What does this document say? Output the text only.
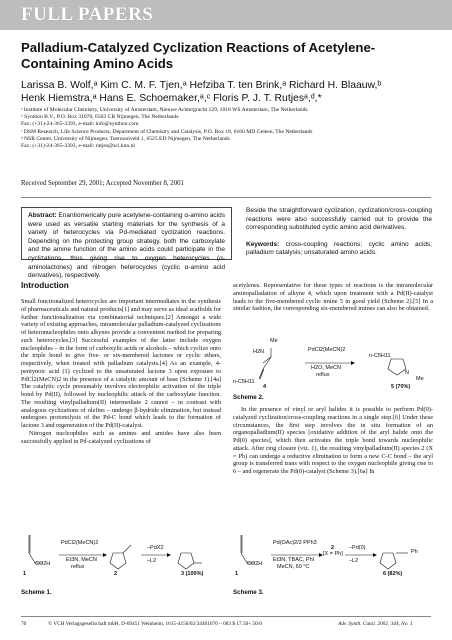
FULL PAPERS
Palladium-Catalyzed Cyclization Reactions of Acetylene-Containing Amino Acids
Larissa B. Wolf,ᵃ Kim C. M. F. Tjen,ᵃ Hefziba T. ten Brink,ᵃ Richard H. Blaauw,ᵇ
Henk Hiemstra,ᵃ Hans E. Schoemaker,ᵃ,ᶜ Floris P. J. T. Rutjesᵃ,ᵈ,*
ᵃ Institute of Molecular Chemistry, University of Amsterdam, Nieuwe Achtergracht 129, 1018 WS Amsterdam, The Netherlands
ᵇ Synthon B.V., P.O. Box 31070, 6503 CB Nijmegen, The Netherlands
Fax: (+31)-24-365-3393, e-mail: info@synthon.com
ᶜ DSM Research, Life Science Products, Department of Chemistry and Catalysis, P.O. Box 18, 6160 MD Geleen, The Netherlands
ᵈ NSR Center, University of Nijmegen, Toernooiveld 1, 6525 ED Nijmegen, The Netherlands
Fax: (+31)-24-365-3393, e-mail: rutjes@sci.kun.nl
Received September 29, 2001; Accepted November 8, 2001
Abstract: Enantiomerically pure acetylene-containing α-amino acids were used as versatile starting materials for the synthesis of a variety of heterocycles via Pd-mediated cyclization reactions. Depending on the protecting group strategy, both the carboxylate and the amine function of the amino acids could participate in the cyclizations, thus giving rise to oxygen heterocycles (α-aminolactones) and nitrogen heterocycles (cyclic α-amino acid derivatives), respectively.
Beside the straightforward cyclization, cyclization/cross-coupling reactions were also successfully carried out to provide the corresponding substituted cyclic amino acid derivatives.
Keywords: cross-coupling reactions; cyclic amino acids; palladium catalysis; unsaturated amino acids.
Introduction

Small functionalized heterocycles are important intermediates in the synthesis of pharmaceuticals and natural products[1] and may serve as ideal scaffolds for further functionalization via combinatorial techniques.[2] Amongst a wide variety of existing approaches, intramolecular palladium-catalyzed cyclizations of heteronucleophiles onto alkynes provide a convenient method for preparing such heterocycles.[3] Successful examples of the latter include oxygen nucleophiles – in the form of carboxylic acids or alcohols – which cyclize onto the triple bond to give five- or six-membered lactones or cyclic ethers, respectively, when treated with palladium catalysts.[4] As an example, 4-pentynoic acid (1) cyclized to the unsaturated lactone 3 upon exposure to PdCl2(MeCN)2 in the presence of a catalytic amount of base (Scheme 1).[4a] The catalytic cycle presumably involves electrophilic activation of the triple bond by Pd(II), followed by nucleophilic attack of the carboxylate function. The resulting vinylpalladium(II) intermediate 2 cannot – in contrast with analogous cyclizations of olefins – undergo β-hydride elimination, but instead undergoes protonolysis of the Pd-C bond which leads to the formation of lactone 3 and regeneration of the Pd(II)-catalyst.

Nitrogen nucleophiles such as amines and amides have also been successfully applied in Pd-catalyzed cyclizations of

acetylenes. Representative for these types of reactions is the intramolecular aminopalladation of alkyne 4, which upon treatment with a Pd(II)-catalyst leads to the five-membered cyclic imine 5 in good yield (Scheme 2).[5] In a similar fashion, the corresponding six-membered imines can also be obtained.

Me
H2N
n-C5H11
4
PdCl2(MeCN)2
H2O, MeCN
reflux
n-C5H11
N
Me
5 (70%)
Scheme 2.

In the presence of vinyl or aryl halides it is possible to perform Pd(0)-catalyzed cyclization/cross-coupling reactions in a single step.[6] Under these circumstances, the first step involves the in situ formation of an organopalladium(II) species [oxidative addition of the aryl halide onto the Pd(0) species], which then activates the triple bond towards nucleophilic attack. After ring closure (viz. 1), the resulting vinylpalladium(II) species 2 (X = Ph) can undergo a reductive elimination to form a new C-C bond – the aryl group is transferred trans with respect to the oxygen nucleophile giving rise to 6 – and regenerate the Pd(0)-catalyst (Scheme 3).[6a] In

CO2H
1
PdCl2(MeCN)2
Et3N, MeCN
reflux
2
–PdX2
–L2
3 (100%)
Scheme 1.
CO2H
1
Pd(OAc)2/2 PPh3
Et3N, TBAC, PhI
MeCN, 60 °C
2
[X = Ph]
–Pd(0)
–L2
Ph
6 (82%)
Scheme 3.
70	© VCH Verlagsgesellschaft mbH, D-69451 Weinheim, 1615-4150/02/34401070 – 083 $ 17.50+.50/0	Adv. Synth. Catal. 2002, 344, No. 1
